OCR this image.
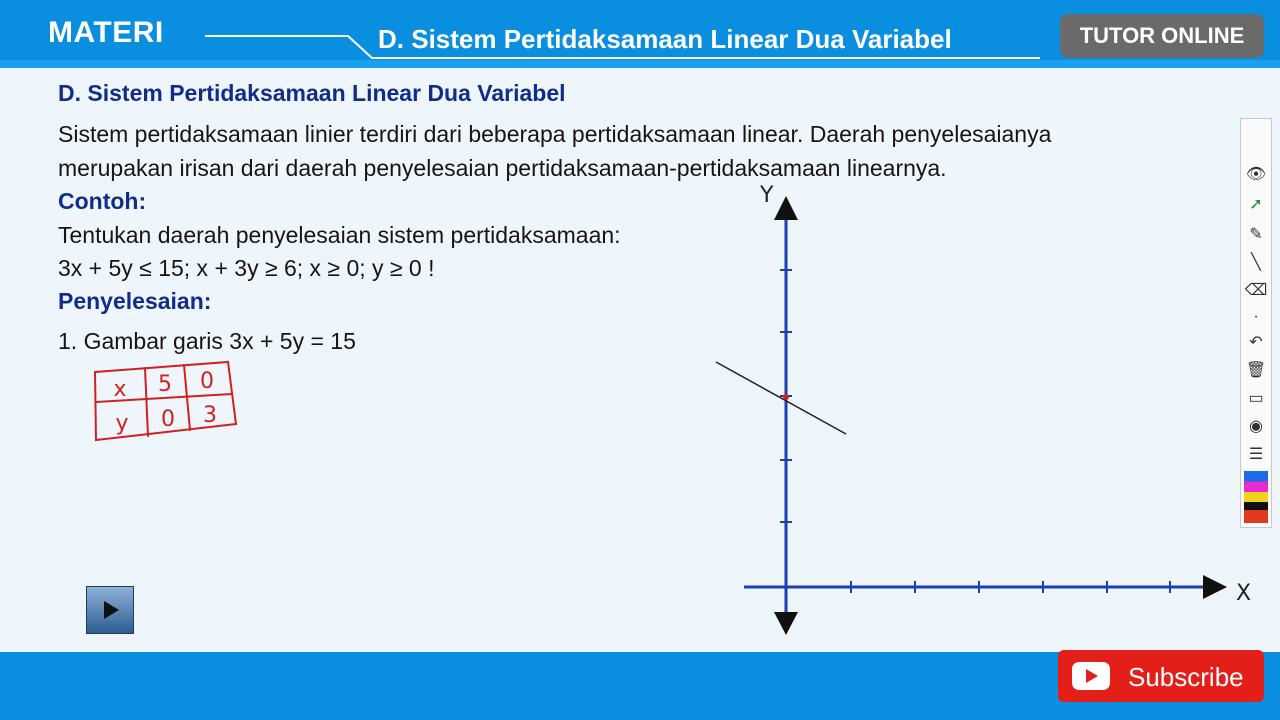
MATERI	D. Sistem Pertidaksamaan Linear Dua Variabel	TUTOR ONLINE
D. Sistem Pertidaksamaan Linear Dua Variabel
Sistem pertidaksamaan linier terdiri dari beberapa pertidaksamaan linear. Daerah penyelesaianya
merupakan irisan dari daerah penyelesaian pertidaksamaan-pertidaksamaan linearnya.
Contoh:
Tentukan daerah penyelesaian sistem pertidaksamaan:
3x + 5y ≤ 15; x + 3y ≥ 6; x ≥ 0; y ≥ 0 !
Penyelesaian:
1. Gambar garis 3x + 5y = 15
x 5 0
y 0 3
Y
X
👁
➚
✎
╲
⌫
·
↶
🗑
▭
◉
☰
Subscribe
